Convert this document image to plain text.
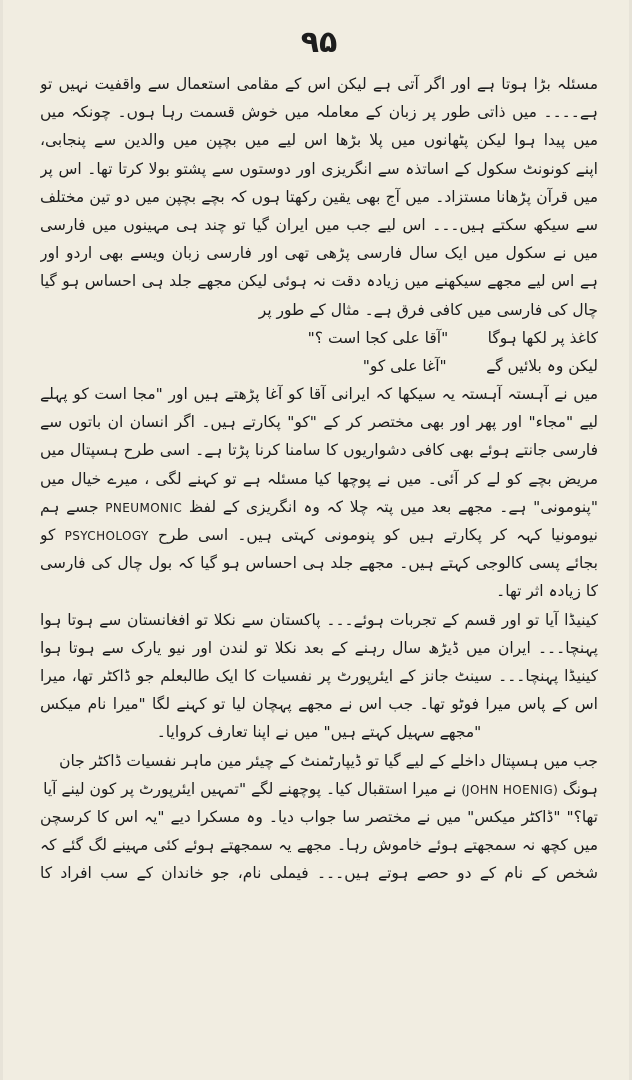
۹۵
مسئلہ بڑا ہوتا ہے اور اگر آتی ہے لیکن اس کے مقامی استعمال سے واقفیت نہیں تو
ہے۔۔۔۔ میں ذاتی طور پر زبان کے معاملہ میں خوش قسمت رہا ہوں۔ چونکہ میں
میں پیدا ہوا لیکن پٹھانوں میں پلا بڑھا اس لیے میں بچپن میں والدین سے پنجابی،
اپنے کونونٹ سکول کے اساتذہ سے انگریزی اور دوستوں سے پشتو بولا کرتا تھا۔ اس پر
میں قرآن پڑھانا مستزاد۔ میں آج بھی یقین رکھتا ہوں کہ بچے بچپن میں دو تین مختلف
سے سیکھ سکتے ہیں۔۔۔ اس لیے جب میں ایران گیا تو چند ہی مہینوں میں فارسی
میں نے سکول میں ایک سال فارسی پڑھی تھی اور فارسی زبان ویسے بھی اردو اور
ہے اس لیے مجھے سیکھنے میں زیادہ دقت نہ ہوئی لیکن مجھے جلد ہی احساس ہو گیا
چال کی فارسی میں کافی فرق ہے۔ مثال کے طور پر
کاغذ پر لکھا ہوگا        "آقا علی کجا است ؟"
لیکن وہ بلائیں گے        "آغا علی کو"
میں نے آہستہ آہستہ یہ سیکھا کہ ایرانی آقا کو آغا پڑھتے ہیں اور "مجا است کو پہلے
لیے "مجاء" اور پھر اور بھی مختصر کر کے "کو" پکارتے ہیں۔ اگر انسان ان باتوں سے
فارسی جانتے ہوئے بھی کافی دشواریوں کا سامنا کرنا پڑتا ہے۔ اسی طرح ہسپتال میں
مریض بچے کو لے کر آئی۔ میں نے پوچھا کیا مسئلہ ہے تو کہنے لگی ، میرے خیال میں
"پنومونی" ہے۔ مجھے بعد میں پتہ چلا کہ وہ انگریزی کے لفظ PNEUMONIC جسے ہم
نیومونیا کہہ کر پکارتے ہیں کو پنومونی کہتی ہیں۔ اسی طرح PSYCHOLOGY کو
بجائے پسی کالوجی کہتے ہیں۔ مجھے جلد ہی احساس ہو گیا کہ بول چال کی فارسی
کا زیادہ اثر تھا۔
کینیڈا آیا تو اور قسم کے تجربات ہوئے۔۔۔ پاکستان سے نکلا تو افغانستان سے ہوتا ہوا
پہنچا۔۔۔ ایران میں ڈیڑھ سال رہنے کے بعد نکلا تو لندن اور نیو یارک سے ہوتا ہوا
کینیڈا پہنچا۔۔۔ سینٹ جانز کے ایئرپورٹ پر نفسیات کا ایک طالبعلم جو ڈاکٹر تھا، میرا
اس کے پاس میرا فوٹو تھا۔ جب اس نے مجھے پہچان لیا تو کہنے لگا "میرا نام میکس
"مجھے سہیل کہتے ہیں" میں نے اپنا تعارف کروایا۔
جب میں ہسپتال داخلے کے لیے گیا تو ڈیپارٹمنٹ کے چیئر مین ماہر نفسیات ڈاکٹر جان
ہونگ (JOHN HOENIG) نے میرا استقبال کیا۔ پوچھنے لگے "تمہیں ایئرپورٹ پر کون لینے آیا
تھا؟" "ڈاکٹر میکس" میں نے مختصر سا جواب دیا۔ وہ مسکرا دیے "یہ اس کا کرسچن
میں کچھ نہ سمجھتے ہوئے خاموش رہا۔ مجھے یہ سمجھتے ہوئے کئی مہینے لگ گئے کہ
شخص کے نام کے دو حصے ہوتے ہیں۔۔۔ فیملی نام، جو خاندان کے سب افراد کا
